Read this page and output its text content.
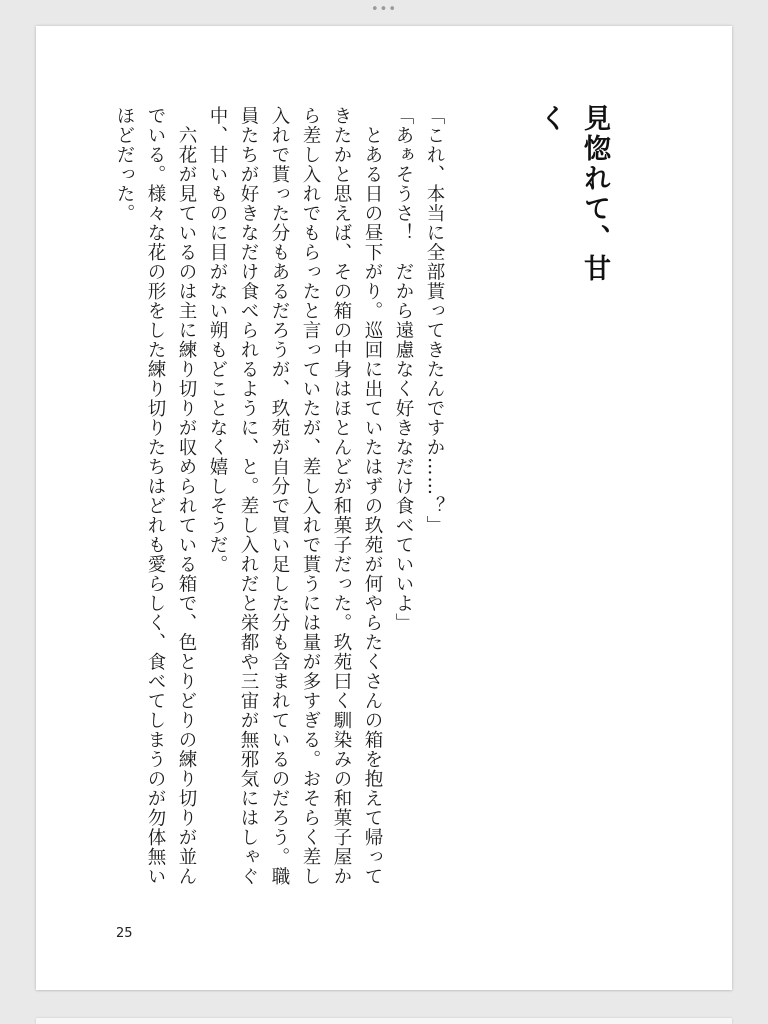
•••
見惚れて、甘く

「これ、本当に全部貰ってきたんですか……？」

「あぁそうさ！　だから遠慮なく好きなだけ食べていいよ」

　とある日の昼下がり。巡回に出ていたはずの玖苑が何やらたくさんの箱を抱えて帰ってきたかと思えば、その箱の中身はほとんどが和菓子だった。玖苑曰く馴染みの和菓子屋から差し入れでもらったと言っていたが、差し入れで貰うには量が多すぎる。おそらく差し入れで貰った分もあるだろうが、玖苑が自分で買い足した分も含まれているのだろう。職員たちが好きなだけ食べられるように、と。差し入れだと栄都や三宙が無邪気にはしゃぐ中、甘いものに目がない朔もどことなく嬉しそうだ。

　六花が見ているのは主に練り切りが収められている箱で、色とりどりの練り切りが並んでいる。様々な花の形をした練り切りたちはどれも愛らしく、食べてしまうのが勿体無いほどだった。

25
